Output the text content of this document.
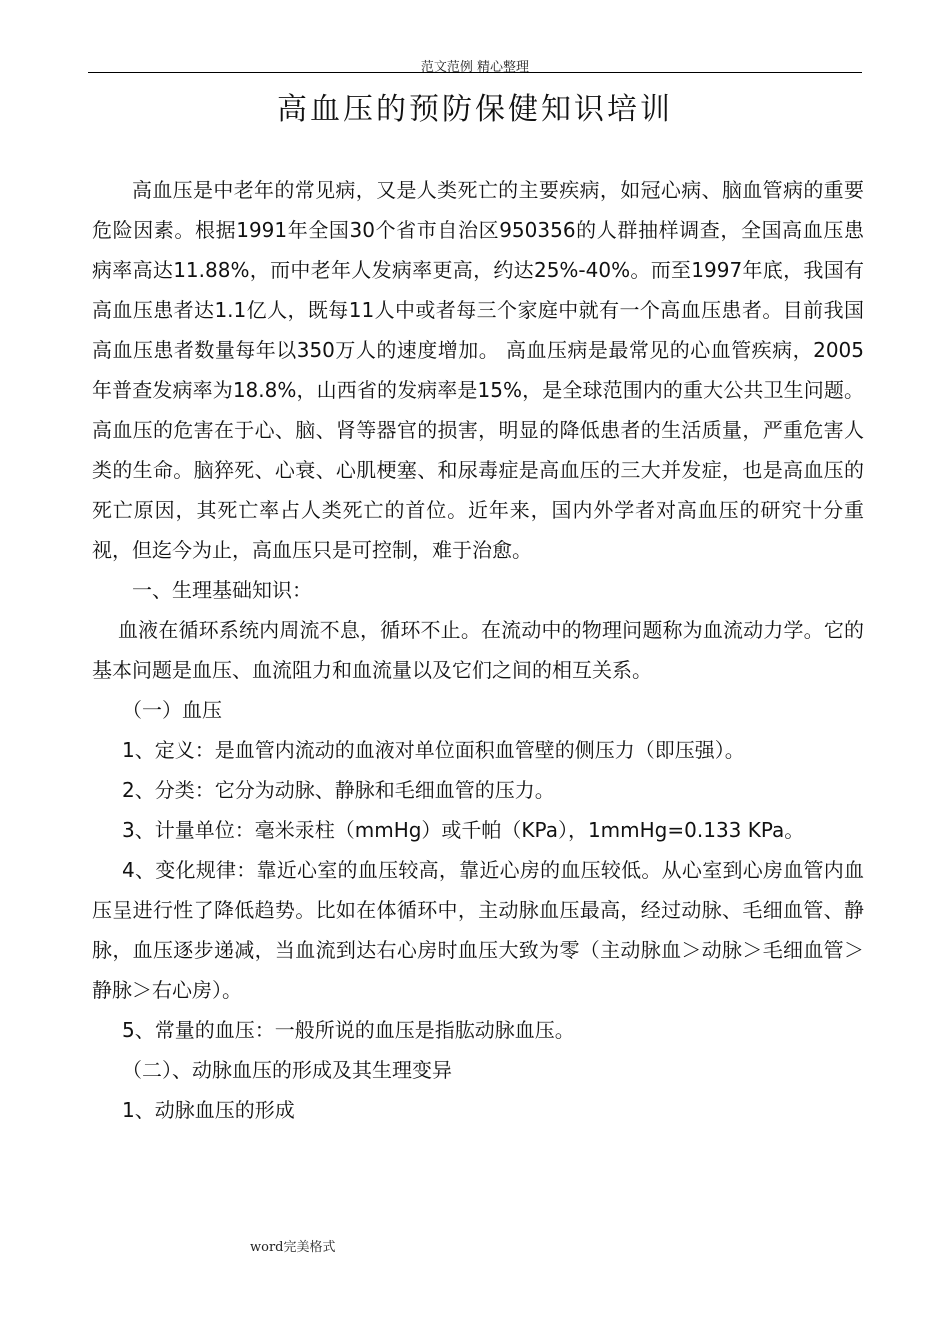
范文范例 精心整理
高血压的预防保健知识培训

高血压是中老年的常见病，又是人类死亡的主要疾病，如冠心病、脑血管病的重要危险因素。根据1991年全国30个省市自治区950356的人群抽样调查，全国高血压患病率高达11.88%，而中老年人发病率更高，约达25%-40%。而至1997年底，我国有高血压患者达1.1亿人，既每11人中或者每三个家庭中就有一个高血压患者。目前我国高血压患者数量每年以350万人的速度增加。 高血压病是最常见的心血管疾病，2005年普查发病率为18.8%，山西省的发病率是15%，是全球范围内的重大公共卫生问题。高血压的危害在于心、脑、肾等器官的损害，明显的降低患者的生活质量，严重危害人类的生命。脑猝死、心衰、心肌梗塞、和尿毒症是高血压的三大并发症，也是高血压的死亡原因，其死亡率占人类死亡的首位。近年来，国内外学者对高血压的研究十分重视，但迄今为止，高血压只是可控制，难于治愈。

一、生理基础知识：

血液在循环系统内周流不息，循环不止。在流动中的物理问题称为血流动力学。它的基本问题是血压、血流阻力和血流量以及它们之间的相互关系。

（一）血压

1、定义：是血管内流动的血液对单位面积血管壁的侧压力（即压强）。

2、分类：它分为动脉、静脉和毛细血管的压力。

3、计量单位：毫米汞柱（mmHg）或千帕（KPa），1mmHg=0.133 KPa。

4、变化规律：靠近心室的血压较高，靠近心房的血压较低。从心室到心房血管内血压呈进行性了降低趋势。比如在体循环中，主动脉血压最高，经过动脉、毛细血管、静脉，血压逐步递减，当血流到达右心房时血压大致为零（主动脉血＞动脉＞毛细血管＞静脉＞右心房）。

5、常量的血压：一般所说的血压是指肱动脉血压。

（二）、动脉血压的形成及其生理变异

1、动脉血压的形成

word完美格式
